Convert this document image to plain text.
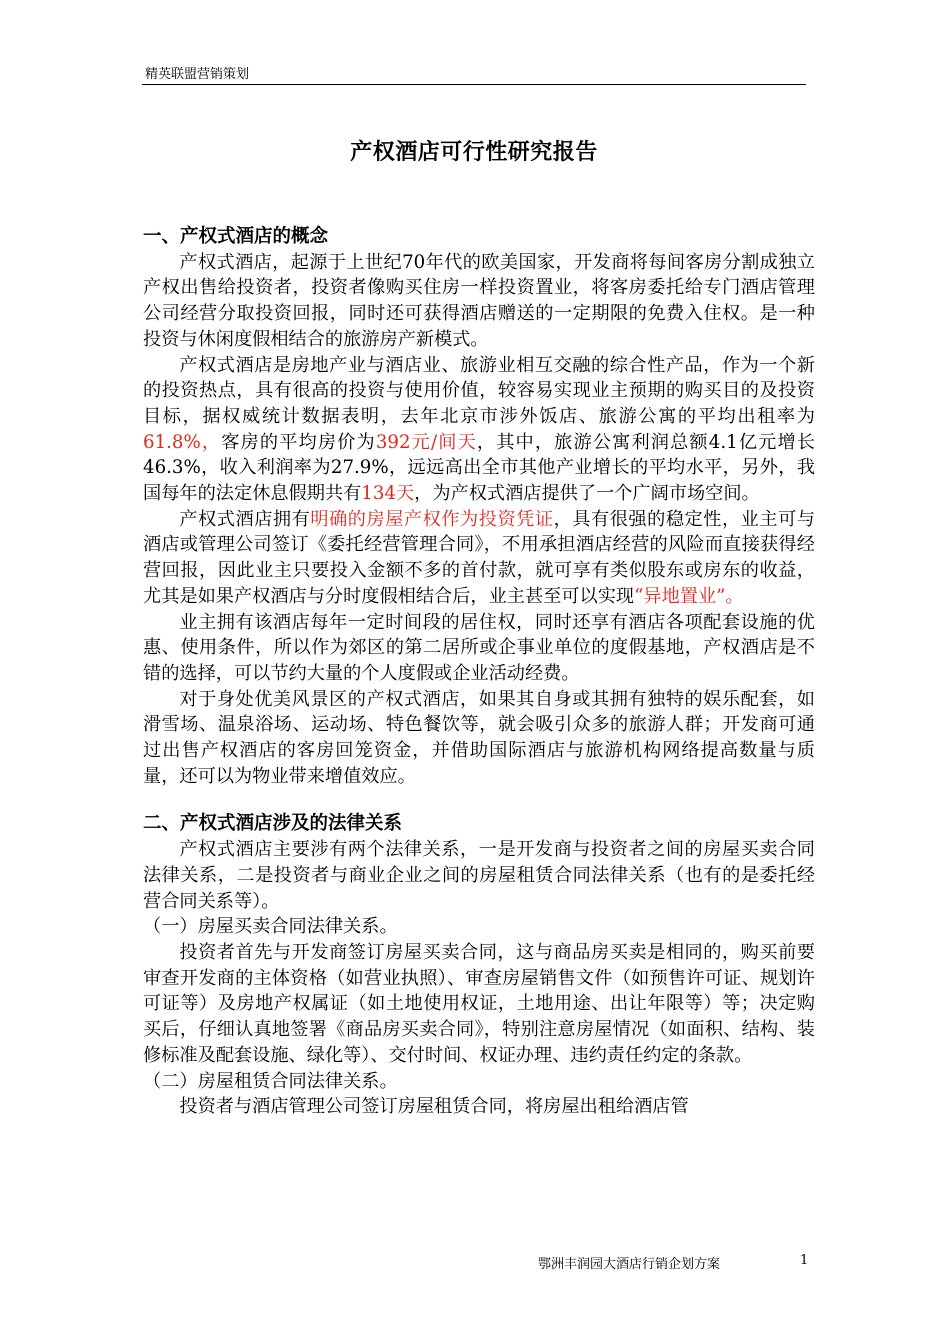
精英联盟营销策划
产权酒店可行性研究报告
一、产权式酒店的概念

产权式酒店，起源于上世纪70年代的欧美国家，开发商将每间客房分割成独立产权出售给投资者，投资者像购买住房一样投资置业，将客房委托给专门酒店管理公司经营分取投资回报，同时还可获得酒店赠送的一定期限的免费入住权。是一种投资与休闲度假相结合的旅游房产新模式。

产权式酒店是房地产业与酒店业、旅游业相互交融的综合性产品，作为一个新的投资热点，具有很高的投资与使用价值，较容易实现业主预期的购买目的及投资目标，据权威统计数据表明，去年北京市涉外饭店、旅游公寓的平均出租率为61.8%，客房的平均房价为392元/间天，其中，旅游公寓利润总额4.1亿元增长46.3%，收入利润率为27.9%，远远高出全市其他产业增长的平均水平，另外，我国每年的法定休息假期共有134天，为产权式酒店提供了一个广阔市场空间。

产权式酒店拥有明确的房屋产权作为投资凭证，具有很强的稳定性，业主可与酒店或管理公司签订《委托经营管理合同》，不用承担酒店经营的风险而直接获得经营回报，因此业主只要投入金额不多的首付款，就可享有类似股东或房东的收益，尤其是如果产权酒店与分时度假相结合后，业主甚至可以实现“异地置业”。

业主拥有该酒店每年一定时间段的居住权，同时还享有酒店各项配套设施的优惠、使用条件，所以作为郊区的第二居所或企事业单位的度假基地，产权酒店是不错的选择，可以节约大量的个人度假或企业活动经费。

对于身处优美风景区的产权式酒店，如果其自身或其拥有独特的娱乐配套，如滑雪场、温泉浴场、运动场、特色餐饮等，就会吸引众多的旅游人群；开发商可通过出售产权酒店的客房回笼资金，并借助国际酒店与旅游机构网络提高数量与质量，还可以为物业带来增值效应。

二、产权式酒店涉及的法律关系

产权式酒店主要涉有两个法律关系，一是开发商与投资者之间的房屋买卖合同法律关系，二是投资者与商业企业之间的房屋租赁合同法律关系（也有的是委托经营合同关系等）。

（一）房屋买卖合同法律关系。

投资者首先与开发商签订房屋买卖合同，这与商品房买卖是相同的，购买前要审查开发商的主体资格（如营业执照）、审查房屋销售文件（如预售许可证、规划许可证等）及房地产权属证（如土地使用权证，土地用途、出让年限等）等；决定购买后，仔细认真地签署《商品房买卖合同》，特别注意房屋情况（如面积、结构、装修标准及配套设施、绿化等）、交付时间、权证办理、违约责任约定的条款。

（二）房屋租赁合同法律关系。

投资者与酒店管理公司签订房屋租赁合同，将房屋出租给酒店管

鄂洲丰润园大酒店行销企划方案	1
